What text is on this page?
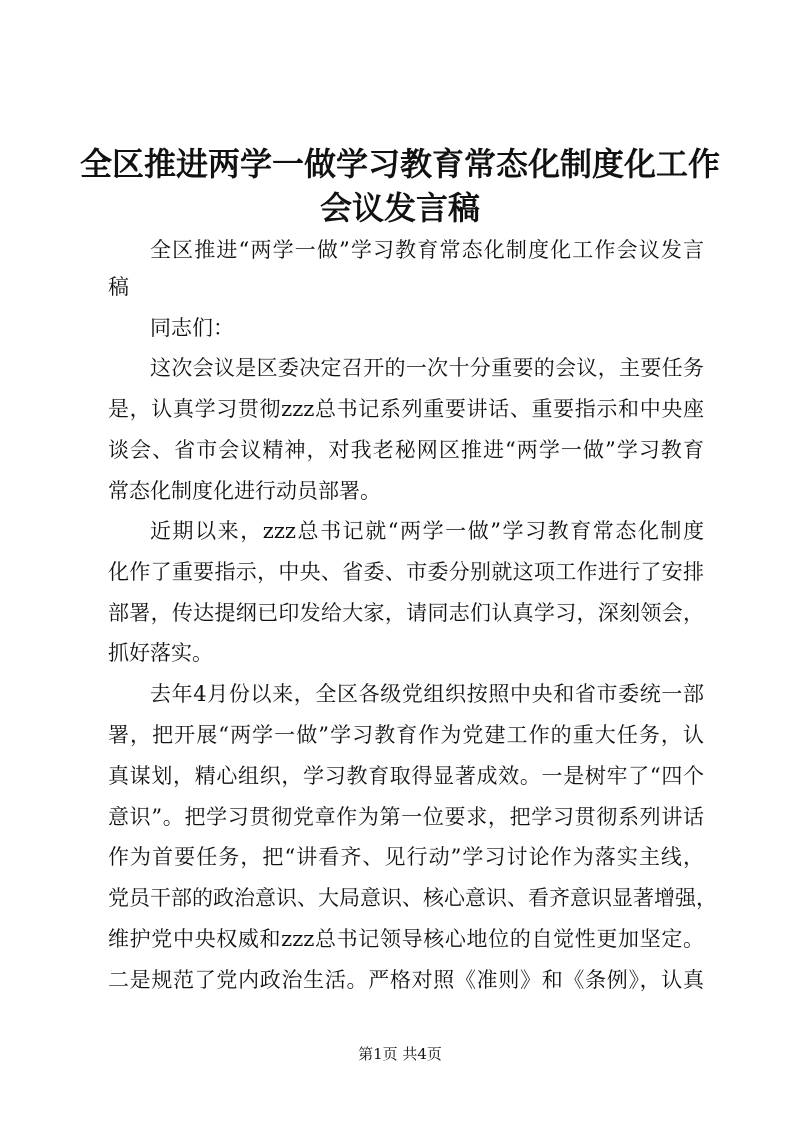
全区推进两学一做学习教育常态化制度化工作
会议发言稿
全区推进“两学一做”学习教育常态化制度化工作会议发言
稿
同志们：
这次会议是区委决定召开的一次十分重要的会议，主要任务
是，认真学习贯彻zzz总书记系列重要讲话、重要指示和中央座
谈会、省市会议精神，对我老秘网区推进“两学一做”学习教育
常态化制度化进行动员部署。
近期以来，zzz总书记就“两学一做”学习教育常态化制度
化作了重要指示，中央、省委、市委分别就这项工作进行了安排
部署，传达提纲已印发给大家，请同志们认真学习，深刻领会，
抓好落实。
去年4月份以来，全区各级党组织按照中央和省市委统一部
署，把开展“两学一做”学习教育作为党建工作的重大任务，认
真谋划，精心组织，学习教育取得显著成效。一是树牢了“四个
意识”。把学习贯彻党章作为第一位要求，把学习贯彻系列讲话
作为首要任务，把“讲看齐、见行动”学习讨论作为落实主线，
党员干部的政治意识、大局意识、核心意识、看齐意识显著增强，
维护党中央权威和zzz总书记领导核心地位的自觉性更加坚定。
二是规范了党内政治生活。严格对照《准则》和《条例》，认真
第1页 共4页
